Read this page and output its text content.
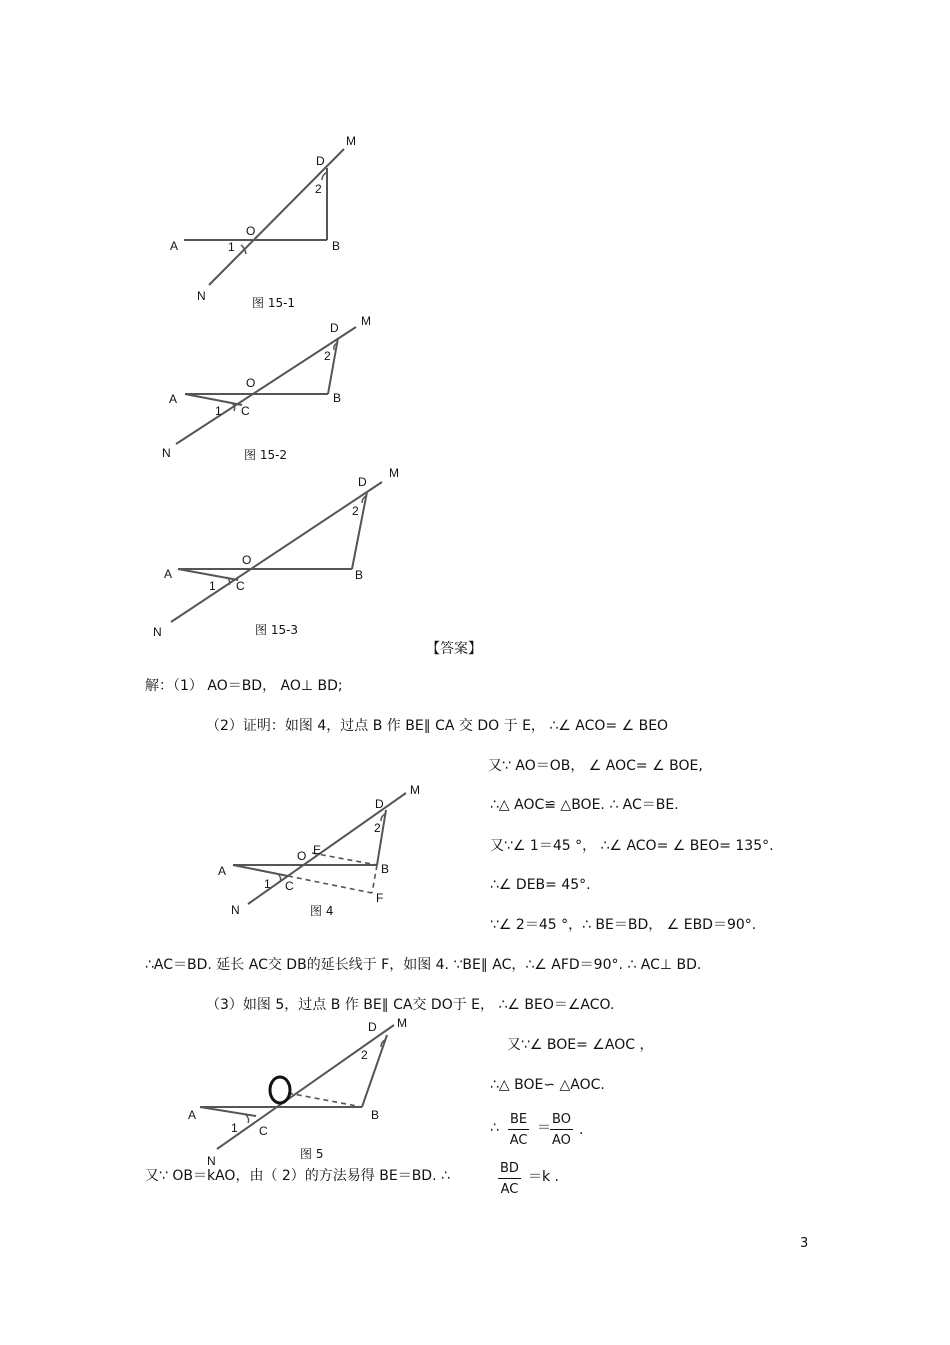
M
D
2
O
A	1	B
N	图 15-1
D M
2
O
A	B
1 C
N	图 15-2
D
M
2
O
A	B
1 C
N	图 15-3
【答案】
解：（1） AO＝BD， AO⊥ BD;
（2）证明：如图 4，过点 B 作 BE∥ CA 交 DO 于 E， ∴∠ ACO= ∠ BEO
又∵ AO＝OB， ∠ AOC= ∠ BOE,
∴△ AOC≌ △BOE. ∴ AC＝BE.
又∵∠ 1＝45 °， ∴∠ ACO= ∠ BEO= 135°.
∴∠ DEB= 45°.
∵∠ 2＝45 °，∴ BE＝BD， ∠ EBD＝90°.
M
D
2
O E
A	B
1 C
F
N	图 4
∴AC＝BD. 延长 AC交 DB的延长线于 F，如图 4. ∵BE∥ AC，∴∠ AFD＝90°. ∴ AC⊥ BD.
（3）如图 5，过点 B 作 BE∥ CA交 DO于 E， ∴∠ BEO＝∠ACO.
D M
2
A	B
1 C
N	图 5
又∵∠ BOE= ∠AOC ，
∴△ BOE∽ △AOC.
∴ $\frac{BE}{AC} = \frac{BO}{AO}$ .
又∵ OB＝kAO，由（ 2）的方法易得 BE＝BD. ∴	$\frac{BD}{AC} =k$ .
3
